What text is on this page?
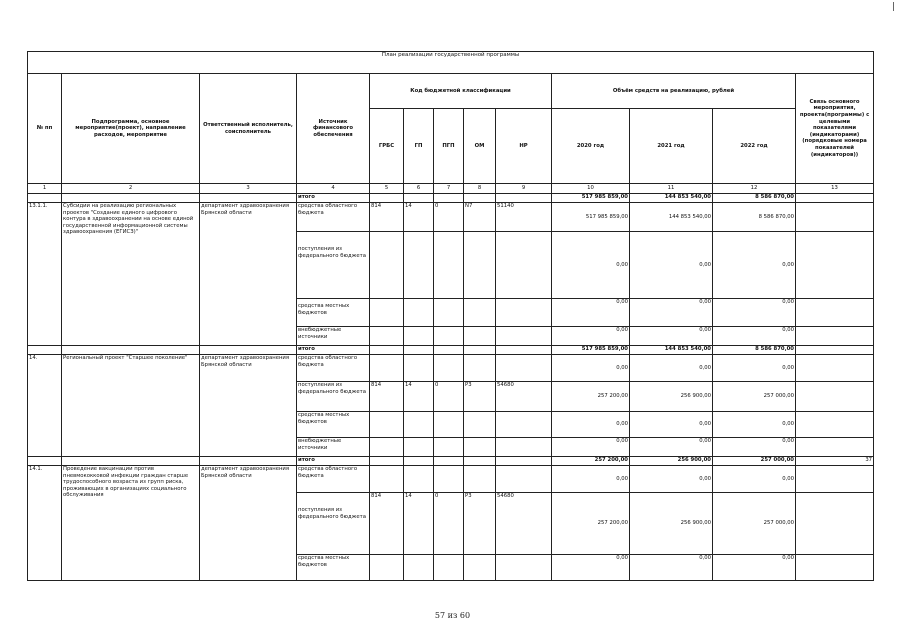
|
План реализации государственной программы												
№ пп	Подпрограмма, основное мероприятие(проект), направление расходов, мероприятие	Ответственный исполнитель, соисполнитель	Источник финансового обеспечения	Код бюджетной классификации					Объём средств на реализацию, рублей			Связь основного мероприятия, проекта(программы) с целевыми показателями (индикаторами) (порядковые номера показателей (индикаторов))
				ГРБС	ГП	ПГП	ОМ	НР	2020 год	2021 год	2022 год	
1	2	3	4	5	6	7	8	9	10	11	12	13
			итого						517 985 859,00	144 853 540,00	8 586 870,00	
13.1.1.	Субсидии на реализацию региональных проектов "Создание единого цифрового контура в здравоохранении на основе единой государственной информационной системы здравоохранения (ЕГИСЗ)"	департамент здравоохранения Брянской области	средства областного бюджета	814	14	0	N7	51140	517 985 859,00	144 853 540,00	8 586 870,00	
			поступления из федерального бюджета						0,00	0,00	0,00	
			средства местных бюджетов						0,00	0,00	0,00	
			внебюджетные источники						0,00	0,00	0,00	
			итого						517 985 859,00	144 853 540,00	8 586 870,00	
14.	Региональный проект "Старшее поколение"	департамент здравоохранения Брянской области	средства областного бюджета						0,00	0,00	0,00	
			поступления из федерального бюджета	814	14	0	P3	54680	257 200,00	256 900,00	257 000,00	
			средства местных бюджетов						0,00	0,00	0,00	
			внебюджетные источники						0,00	0,00	0,00	
			итого						257 200,00	256 900,00	257 000,00	37
14.1.	Проведение вакцинации против пневмококковой инфекции граждан старше трудоспособного возраста из групп риска, проживающих в организациях социального обслуживания	департамент здравоохранения Брянской области	средства областного бюджета						0,00	0,00	0,00	
			поступления из федерального бюджета	814	14	0	P3	54680	257 200,00	256 900,00	257 000,00	
			средства местных бюджетов						0,00	0,00	0,00	
57 из 60
